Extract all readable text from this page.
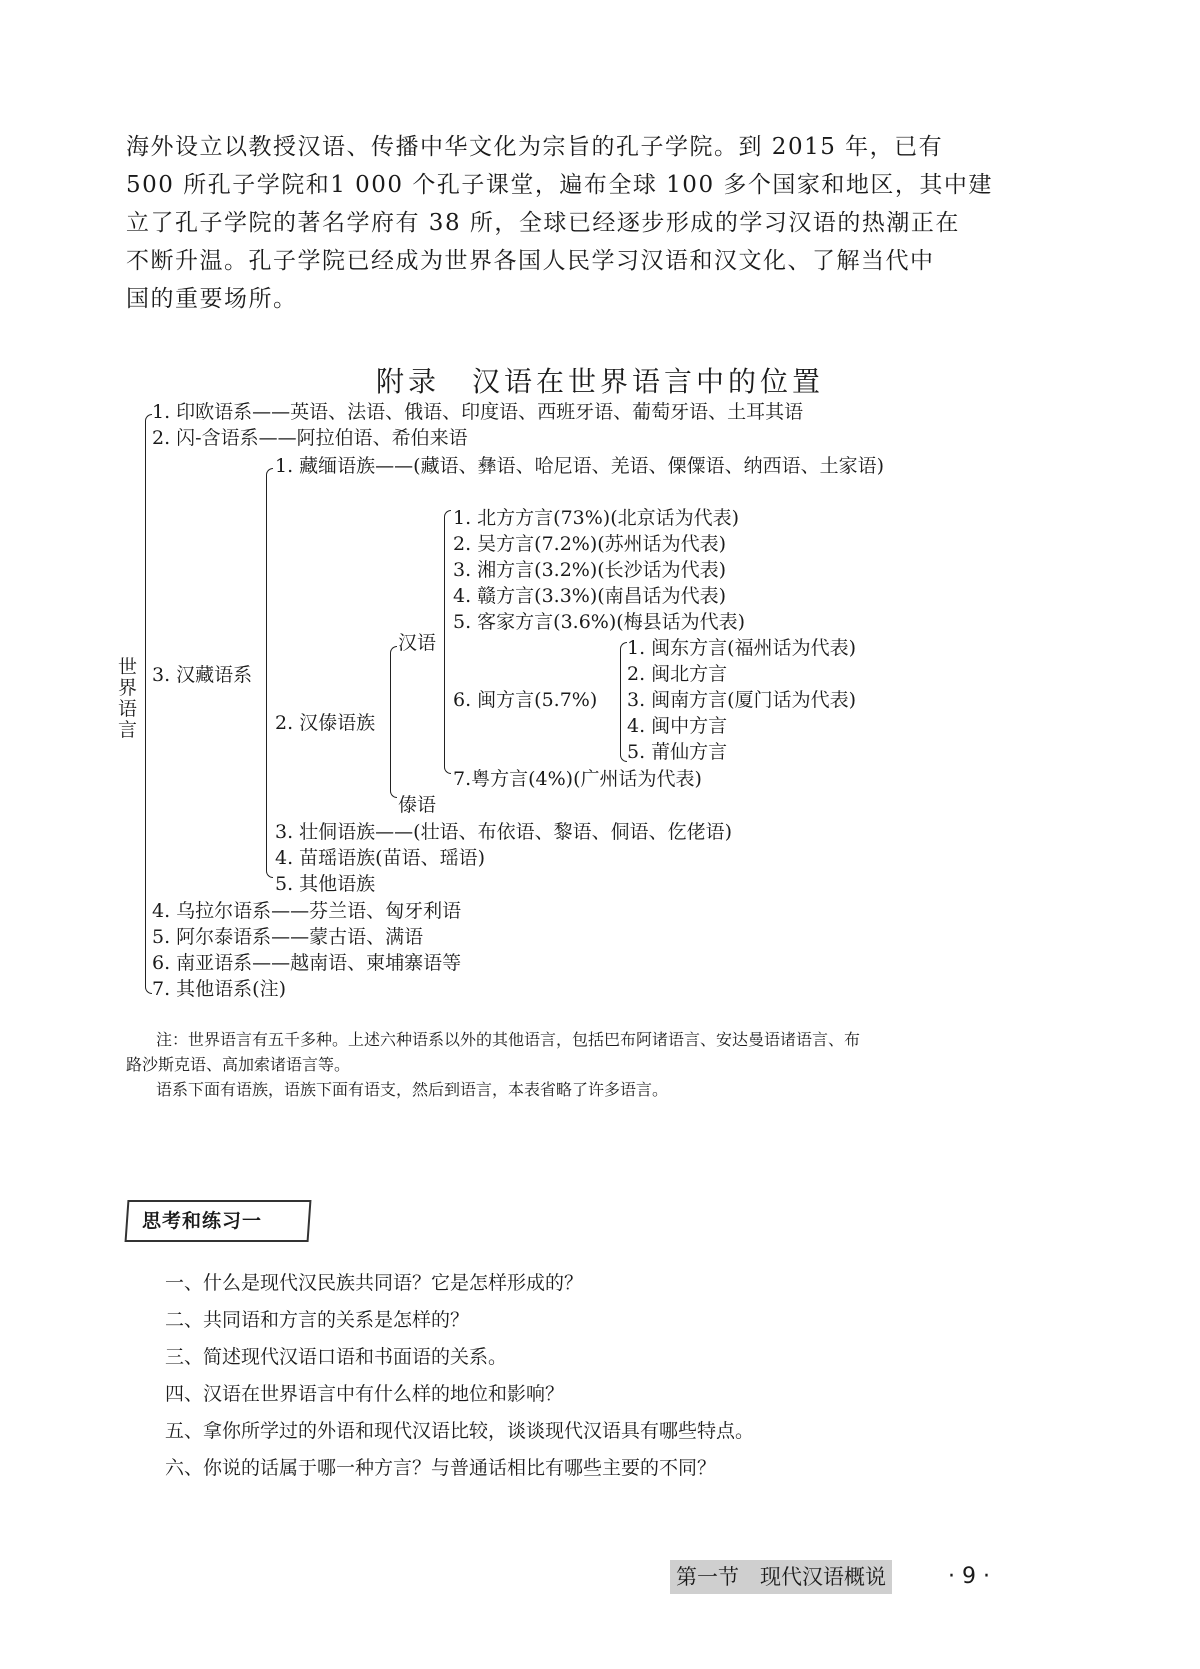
海外设立以教授汉语、传播中华文化为宗旨的孔子学院。到 2015 年，已有
500 所孔子学院和1 000 个孔子课堂，遍布全球 100 多个国家和地区，其中建
立了孔子学院的著名学府有 38 所，全球已经逐步形成的学习汉语的热潮正在
不断升温。孔子学院已经成为世界各国人民学习汉语和汉文化、了解当代中
国的重要场所。
附录　汉语在世界语言中的位置
世界语言
1. 印欧语系——英语、法语、俄语、印度语、西班牙语、葡萄牙语、土耳其语
2. 闪-含语系——阿拉伯语、希伯来语
3. 汉藏语系
4. 乌拉尔语系——芬兰语、匈牙利语
5. 阿尔泰语系——蒙古语、满语
6. 南亚语系——越南语、柬埔寨语等
7. 其他语系(注)
1. 藏缅语族——(藏语、彝语、哈尼语、羌语、傈僳语、纳西语、土家语)
2. 汉傣语族
3. 壮侗语族——(壮语、布依语、黎语、侗语、仡佬语)
4. 苗瑶语族(苗语、瑶语)
5. 其他语族
汉语
傣语
1. 北方方言(73%)(北京话为代表)
2. 吴方言(7.2%)(苏州话为代表)
3. 湘方言(3.2%)(长沙话为代表)
4. 赣方言(3.3%)(南昌话为代表)
5. 客家方言(3.6%)(梅县话为代表)
6. 闽方言(5.7%)
7.粤方言(4%)(广州话为代表)
1. 闽东方言(福州话为代表)
2. 闽北方言
3. 闽南方言(厦门话为代表)
4. 闽中方言
5. 莆仙方言
注：世界语言有五千多种。上述六种语系以外的其他语言，包括巴布阿诸语言、安达曼语诸语言、布
路沙斯克语、高加索诸语言等。
语系下面有语族，语族下面有语支，然后到语言，本表省略了许多语言。
思考和练习一
一、什么是现代汉民族共同语？它是怎样形成的？
二、共同语和方言的关系是怎样的？
三、简述现代汉语口语和书面语的关系。
四、汉语在世界语言中有什么样的地位和影响？
五、拿你所学过的外语和现代汉语比较，谈谈现代汉语具有哪些特点。
六、你说的话属于哪一种方言？与普通话相比有哪些主要的不同？
第一节　现代汉语概说	· 9 ·
